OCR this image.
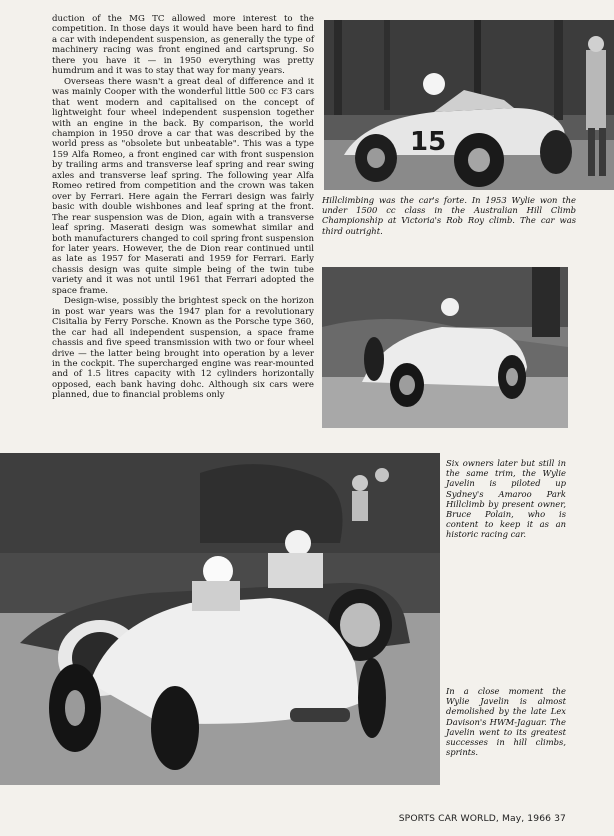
duction of the MG TC allowed more interest to the competition. In those days it would have been hard to find a car with independent suspension, as generally the type of machinery racing was front engined and cartsprung. So there you have it — in 1950 everything was pretty humdrum and it was to stay that way for many years.

Overseas there wasn't a great deal of difference and it was mainly Cooper with the wonderful little 500 cc F3 cars that went modern and capitalised on the concept of lightweight four wheel independent suspension together with an engine in the back. By comparison, the world champion in 1950 drove a car that was described by the world press as "obsolete but unbeatable". This was a type 159 Alfa Romeo, a front engined car with front suspension by trailing arms and transverse leaf spring and rear swing axles and transverse leaf spring. The following year Alfa Romeo retired from competition and the crown was taken over by Ferrari. Here again the Ferrari design was fairly basic with double wishbones and leaf spring at the front. The rear suspension was de Dion, again with a transverse leaf spring. Maserati design was somewhat similar and both manufacturers changed to coil spring front suspension for later years. However, the de Dion rear continued until as late as 1957 for Maserati and 1959 for Ferrari. Early chassis design was quite simple being of the twin tube variety and it was not until 1961 that Ferrari adopted the space frame.

Design-wise, possibly the brightest speck on the horizon in post war years was the 1947 plan for a revolutionary Cisitalia by Ferry Porsche. Known as the Porsche type 360, the car had all independent suspension, a space frame chassis and five speed transmission with two or four wheel drive — the latter being brought into operation by a lever in the cockpit. The supercharged engine was rear-mounted and of 1.5 litres capacity with 12 cylinders horizontally opposed, each bank having dohc. Although six cars were planned, due to financial problems only

15
Hillclimbing was the car's forte. In 1953 Wylie won the under 1500 cc class in the Australian Hill Climb Championship at Victoria's Rob Roy climb. The car was third outright.
Six owners later but still in the same trim, the Wylie Javelin is piloted up Sydney's Amaroo Park Hillclimb by present owner, Bruce Polain, who is content to keep it as an historic racing car.
In a close moment the Wylie Javelin is almost demolished by the late Lex Davison's HWM-Jaguar. The Javelin went to its greatest successes in hill climbs, sprints.
SPORTS CAR WORLD, May, 1966 37
